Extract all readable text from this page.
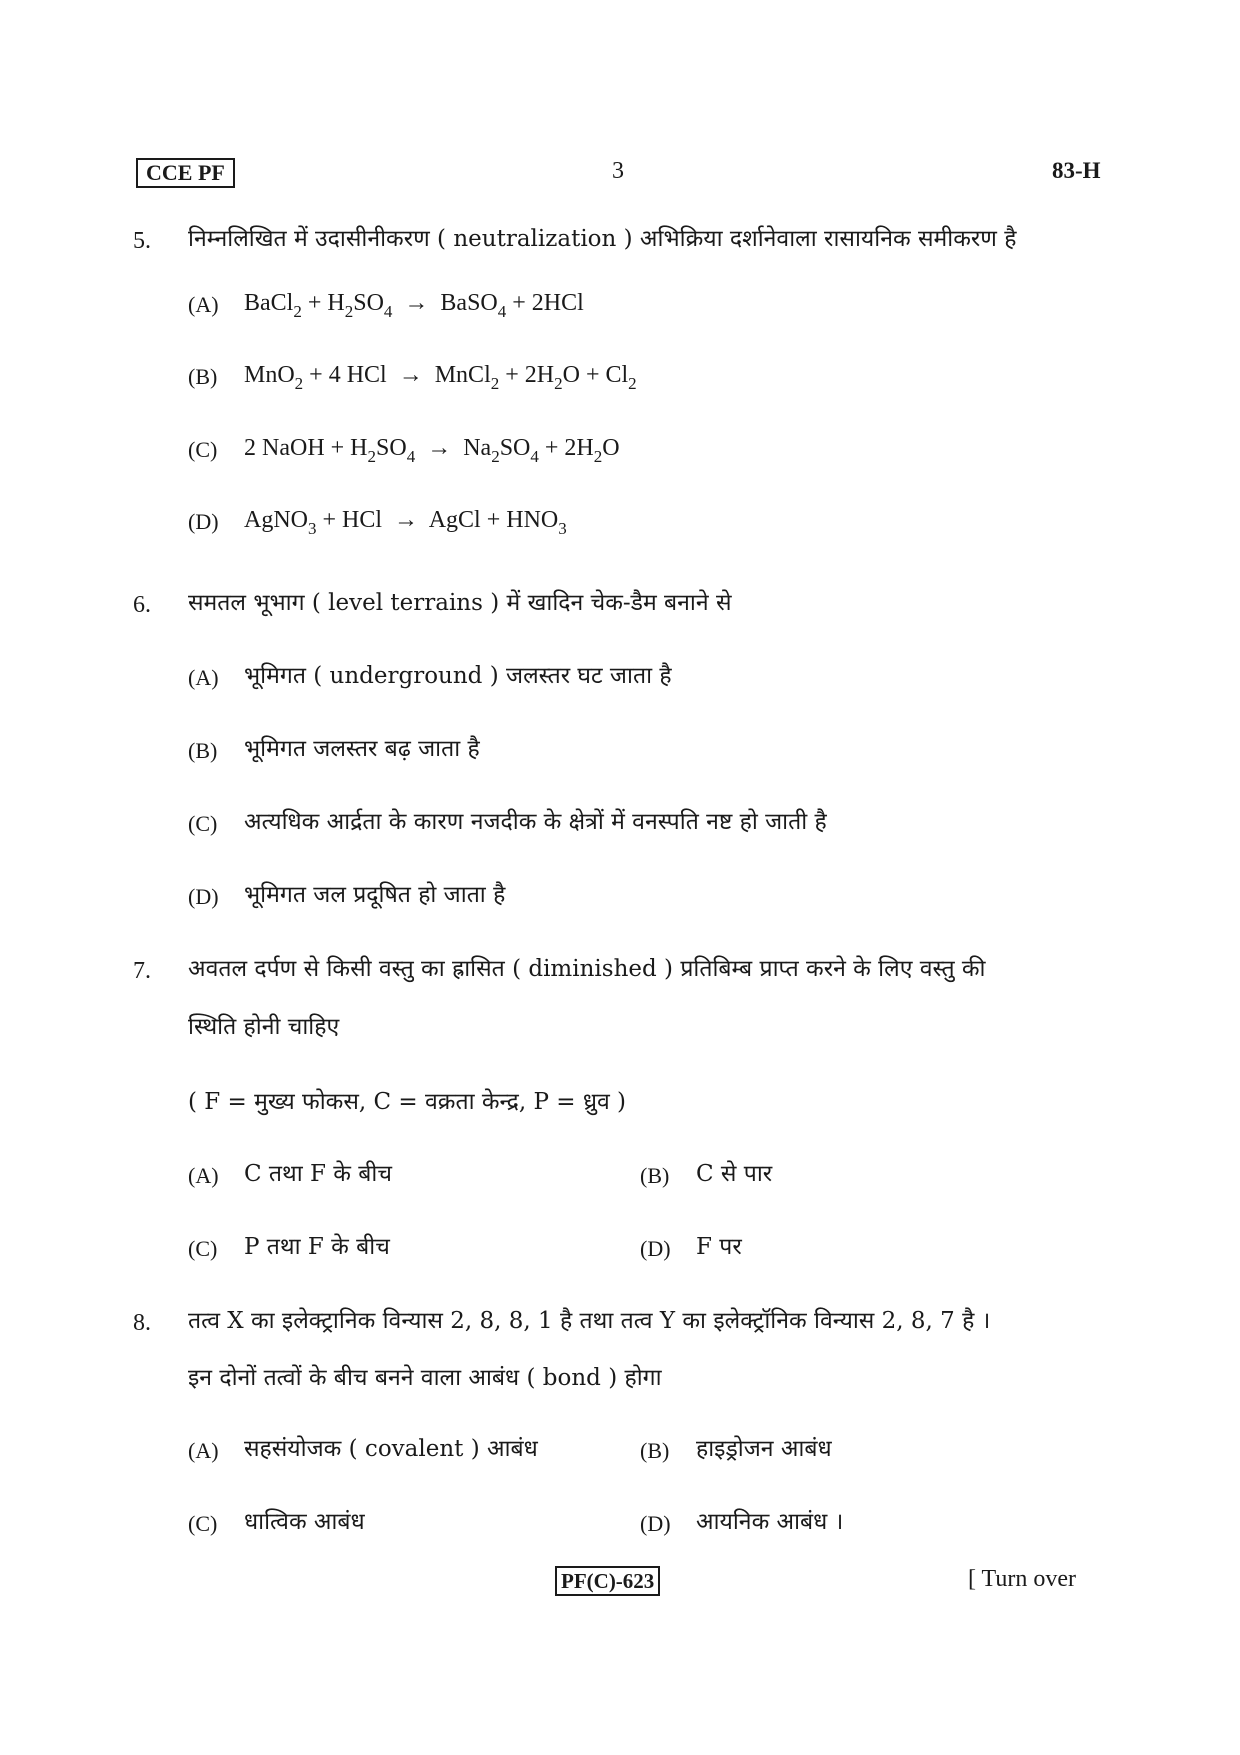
CCE PF	3	83-H
5. निम्नलिखित में उदासीनीकरण ( neutralization ) अभिक्रिया दर्शानेवाला रासायनिक समीकरण है
(A) BaCl$_2$ + $H_2SO_4$  →  BaSO$_4$ + 2HCl
(B) MnO$_2$ + 4 HCl  →  MnCl$_2$ + $2H_2O + Cl_2$
(C) 2 NaOH + $H_2SO_4 \to Na_2SO_4 + 2H_2O$
(D) AgNO$_3$ + HCl  →  AgCl + $HNO_3$
6. समतल भूभाग ( level terrains ) में खादिन चेक-डैम बनाने से
(A) भूमिगत ( underground ) जलस्तर घट जाता है
(B) भूमिगत जलस्तर बढ़ जाता है
(C) अत्यधिक आर्द्रता के कारण नजदीक के क्षेत्रों में वनस्पति नष्ट हो जाती है
(D) भूमिगत जल प्रदूषित हो जाता है
7. अवतल दर्पण से किसी वस्तु का ह्रासित ( diminished ) प्रतिबिम्ब प्राप्त करने के लिए वस्तु की
स्थिति होनी चाहिए
( F = मुख्य फोकस, C = वक्रता केन्द्र, P = ध्रुव )
(A) C तथा F के बीच	(B) C से पार
(C) P तथा F के बीच	(D) F पर
8. तत्व X का इलेक्ट्रानिक विन्यास 2, 8, 8, 1 है तथा तत्व Y का इलेक्ट्रॉनिक विन्यास 2, 8, 7 है ।
इन दोनों तत्वों के बीच बनने वाला आबंध ( bond ) होगा
(A) सहसंयोजक ( covalent ) आबंध	(B) हाइड्रोजन आबंध
(C) धात्विक आबंध	(D) आयनिक आबंध ।
PF(C)-623	[ Turn over
